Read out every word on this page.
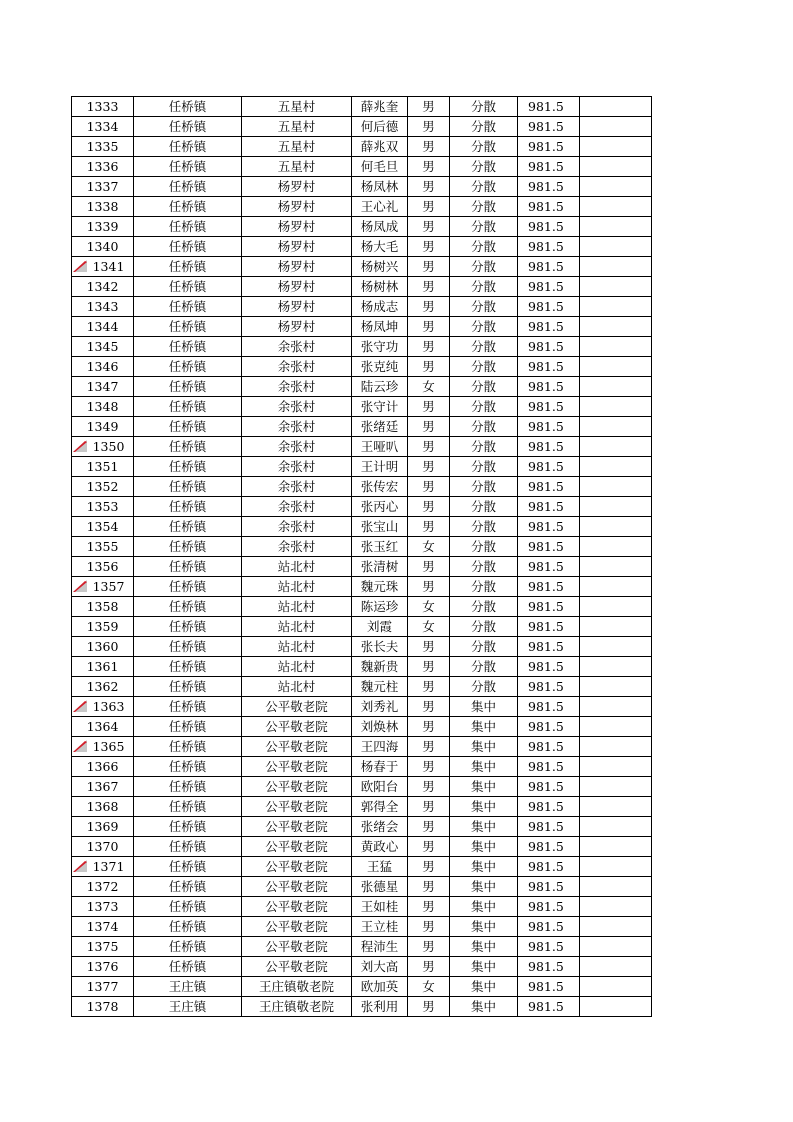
1333	任桥镇	五星村	薛兆奎	男	分散	981.5	
1334	任桥镇	五星村	何后德	男	分散	981.5	
1335	任桥镇	五星村	薛兆双	男	分散	981.5	
1336	任桥镇	五星村	何毛旦	男	分散	981.5	
1337	任桥镇	杨罗村	杨凤林	男	分散	981.5	
1338	任桥镇	杨罗村	王心礼	男	分散	981.5	
1339	任桥镇	杨罗村	杨凤成	男	分散	981.5	
1340	任桥镇	杨罗村	杨大毛	男	分散	981.5	

1341	任桥镇	杨罗村	杨树兴	男	分散	981.5	
1342	任桥镇	杨罗村	杨树林	男	分散	981.5	
1343	任桥镇	杨罗村	杨成志	男	分散	981.5	
1344	任桥镇	杨罗村	杨凤坤	男	分散	981.5	
1345	任桥镇	余张村	张守功	男	分散	981.5	
1346	任桥镇	余张村	张克纯	男	分散	981.5	
1347	任桥镇	余张村	陆云珍	女	分散	981.5	
1348	任桥镇	余张村	张守计	男	分散	981.5	
1349	任桥镇	余张村	张绪廷	男	分散	981.5	

1350	任桥镇	余张村	王哑叭	男	分散	981.5	
1351	任桥镇	余张村	王计明	男	分散	981.5	
1352	任桥镇	余张村	张传宏	男	分散	981.5	
1353	任桥镇	余张村	张丙心	男	分散	981.5	
1354	任桥镇	余张村	张宝山	男	分散	981.5	
1355	任桥镇	余张村	张玉红	女	分散	981.5	
1356	任桥镇	站北村	张清树	男	分散	981.5	

1357	任桥镇	站北村	魏元珠	男	分散	981.5	
1358	任桥镇	站北村	陈运珍	女	分散	981.5	
1359	任桥镇	站北村	刘霞	女	分散	981.5	
1360	任桥镇	站北村	张长夫	男	分散	981.5	
1361	任桥镇	站北村	魏新贵	男	分散	981.5	
1362	任桥镇	站北村	魏元柱	男	分散	981.5	

1363	任桥镇	公平敬老院	刘秀礼	男	集中	981.5	
1364	任桥镇	公平敬老院	刘焕林	男	集中	981.5	

1365	任桥镇	公平敬老院	王四海	男	集中	981.5	
1366	任桥镇	公平敬老院	杨春于	男	集中	981.5	
1367	任桥镇	公平敬老院	欧阳台	男	集中	981.5	
1368	任桥镇	公平敬老院	郭得全	男	集中	981.5	
1369	任桥镇	公平敬老院	张绪会	男	集中	981.5	
1370	任桥镇	公平敬老院	黄政心	男	集中	981.5	

1371	任桥镇	公平敬老院	王猛	男	集中	981.5	
1372	任桥镇	公平敬老院	张德星	男	集中	981.5	
1373	任桥镇	公平敬老院	王如桂	男	集中	981.5	
1374	任桥镇	公平敬老院	王立桂	男	集中	981.5	
1375	任桥镇	公平敬老院	程沛生	男	集中	981.5	
1376	任桥镇	公平敬老院	刘大高	男	集中	981.5	
1377	王庄镇	王庄镇敬老院	欧加英	女	集中	981.5	
1378	王庄镇	王庄镇敬老院	张利用	男	集中	981.5	
